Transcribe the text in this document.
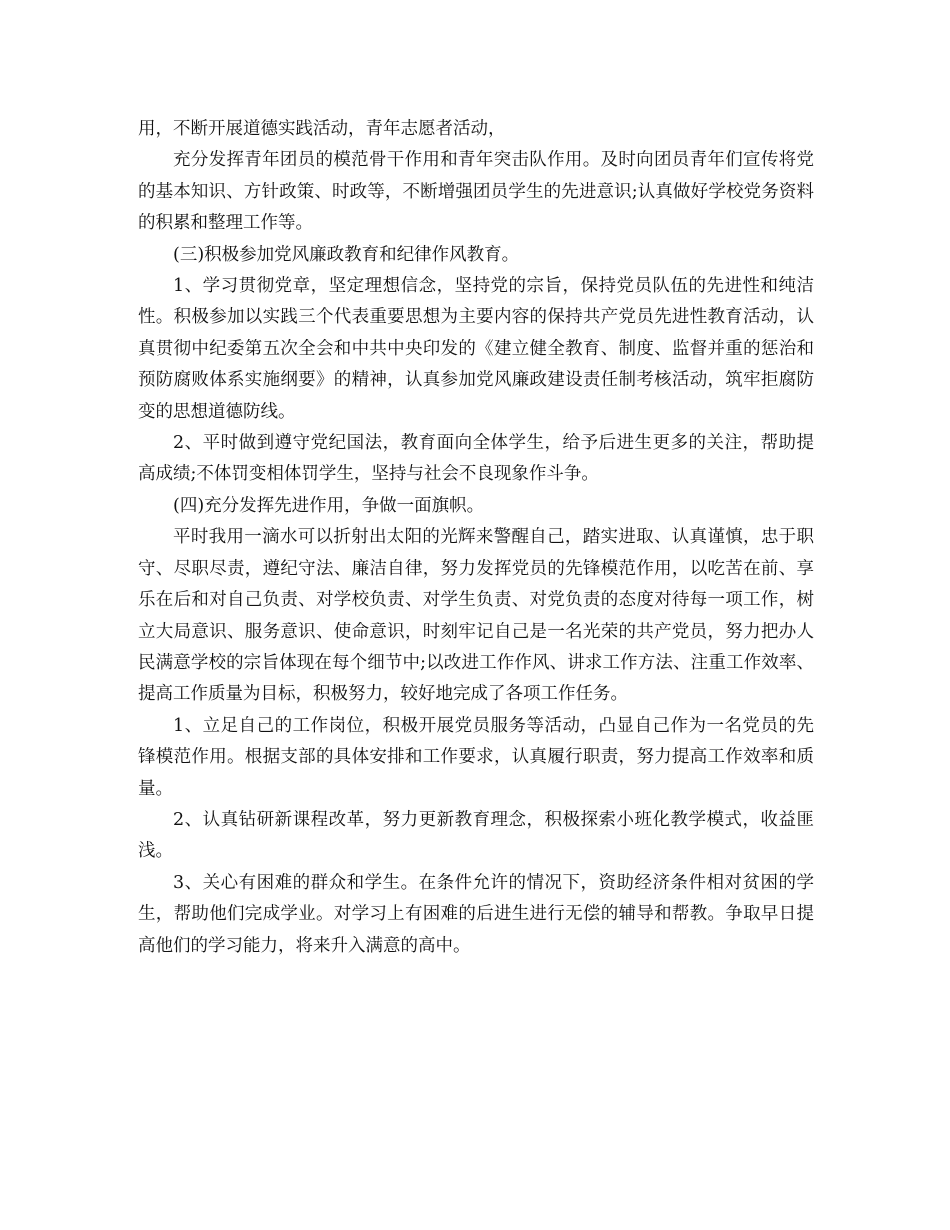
用，不断开展道德实践活动，青年志愿者活动，

充分发挥青年团员的模范骨干作用和青年突击队作用。及时向团员青年们宣传将党的基本知识、方针政策、时政等，不断增强团员学生的先进意识;认真做好学校党务资料的积累和整理工作等。

(三)积极参加党风廉政教育和纪律作风教育。

1、学习贯彻党章，坚定理想信念，坚持党的宗旨，保持党员队伍的先进性和纯洁性。积极参加以实践三个代表重要思想为主要内容的保持共产党员先进性教育活动，认真贯彻中纪委第五次全会和中共中央印发的《建立健全教育、制度、监督并重的惩治和预防腐败体系实施纲要》的精神，认真参加党风廉政建设责任制考核活动，筑牢拒腐防变的思想道德防线。

2、平时做到遵守党纪国法，教育面向全体学生，给予后进生更多的关注，帮助提高成绩;不体罚变相体罚学生，坚持与社会不良现象作斗争。

(四)充分发挥先进作用，争做一面旗帜。

平时我用一滴水可以折射出太阳的光辉来警醒自己，踏实进取、认真谨慎，忠于职守、尽职尽责，遵纪守法、廉洁自律，努力发挥党员的先锋模范作用，以吃苦在前、享乐在后和对自己负责、对学校负责、对学生负责、对党负责的态度对待每一项工作，树立大局意识、服务意识、使命意识，时刻牢记自己是一名光荣的共产党员，努力把办人民满意学校的宗旨体现在每个细节中;以改进工作作风、讲求工作方法、注重工作效率、提高工作质量为目标，积极努力，较好地完成了各项工作任务。

1、立足自己的工作岗位，积极开展党员服务等活动，凸显自己作为一名党员的先锋模范作用。根据支部的具体安排和工作要求，认真履行职责，努力提高工作效率和质量。

2、认真钻研新课程改革，努力更新教育理念，积极探索小班化教学模式，收益匪浅。

3、关心有困难的群众和学生。在条件允许的情况下，资助经济条件相对贫困的学生，帮助他们完成学业。对学习上有困难的后进生进行无偿的辅导和帮教。争取早日提高他们的学习能力，将来升入满意的高中。
